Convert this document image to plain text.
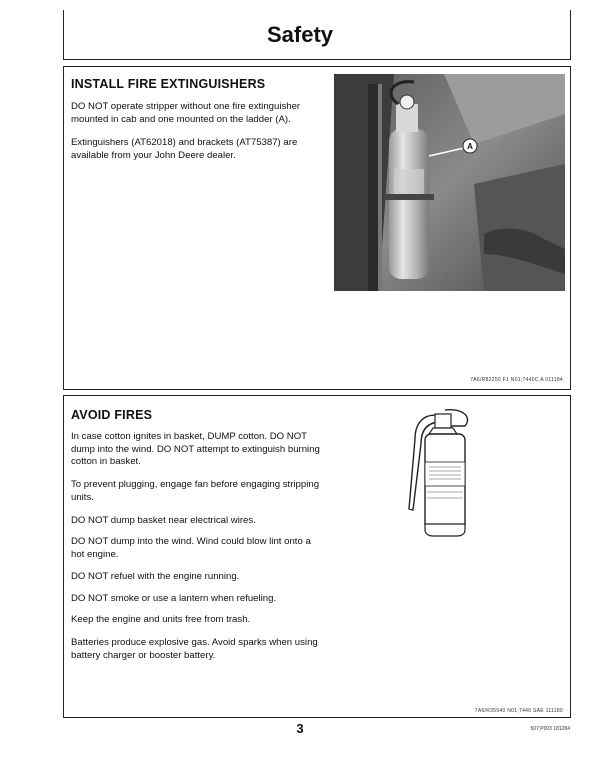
Safety
INSTALL FIRE EXTINGUISHERS

DO NOT operate stripper without one fire extinguisher mounted in cab and one mounted on the ladder (A).

Extinguishers (AT62018) and brackets (AT75387) are available from your John Deere dealer.

A
7A6/R82250 F1 N01;7440C A 011184
AVOID FIRES

In case cotton ignites in basket, DUMP cotton. DO NOT dump into the wind. DO NOT attempt to extinguish burning cotton in basket.

To prevent plugging, engage fan before engaging stripping units.

DO NOT dump basket near electrical wires.

DO NOT dump into the wind. Wind could blow lint onto a hot engine.

DO NOT refuel with the engine running.

DO NOT smoke or use a lantern when refueling.

Keep the engine and units free from trash.

Batteries produce explosive gas. Avoid sparks when using battery charger or booster battery.

7A6/R35540 N01;7440 SAE 111180
3	507;P003 181284
